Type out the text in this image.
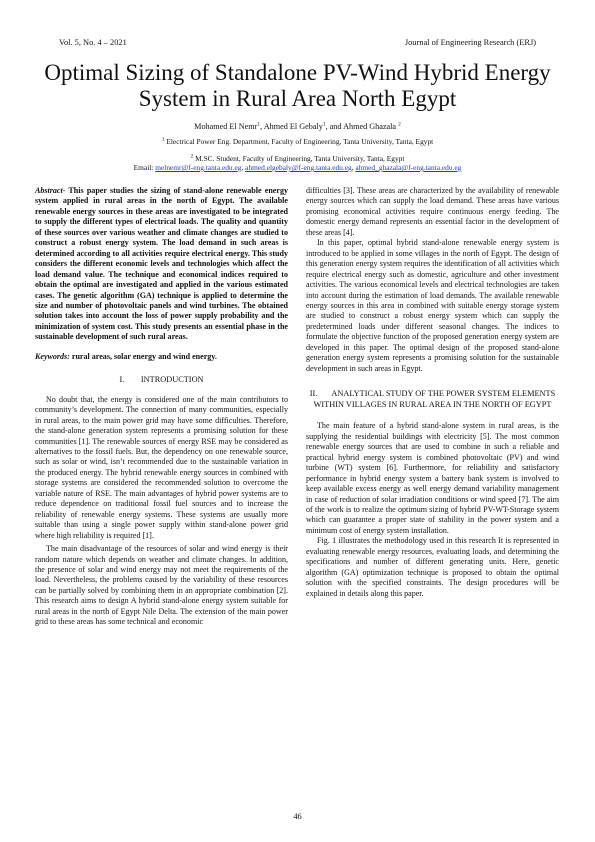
Vol. 5, No. 4 – 2021	Journal of Engineering Research (ERJ)
Optimal Sizing of Standalone PV-Wind Hybrid Energy System in Rural Area North Egypt
Mohamed El Nemr$^1$, Ahmed El Gebaly$^1$, and Ahmed Ghazala $^2$
$^1$ Electrical Power Eng. Department, Faculty of Engineering, Tanta University, Tanta, Egypt
$^2$ M.SC. Student, Faculty of Engineering, Tanta University, Tanta, Egypt
Email: melnemr@f-eng.tanta.edu.eg, ahmed.elgebaly@f-eng.tanta.edu.eg, ahmed_ghazala@f-eng.tanta.edu.eg

Abstract- This paper studies the sizing of stand-alone renewable energy system applied in rural areas in the north of Egypt. The available renewable energy sources in these areas are investigated to be integrated to supply the different types of electrical loads. The quality and quantity of these sources over various weather and climate changes are studied to construct a robust energy system. The load demand in such areas is determined according to all activities require electrical energy. This study considers the different economic levels and technologies which affect the load demand value. The technique and economical indices required to obtain the optimal are investigated and applied in the various estimated cases. The genetic algorithm (GA) technique is applied to determine the size and number of photovoltaic panels and wind turbines. The obtained solution takes into account the loss of power supply probability and the minimization of system cost. This study presents an essential phase in the sustainable development of such rural areas.

Keywords: rural areas, solar energy and wind energy.

I.        INTRODUCTION

No doubt that, the energy is considered one of the main contributors to community’s development. The connection of many communities, especially in rural areas, to the main power grid may have some difficulties. Therefore, the stand-alone generation system represents a promising solution for these communities [1]. The renewable sources of energy RSE may be considered as alternatives to the fossil fuels. But, the dependency on one renewable source, such as solar or wind, isn’t recommended due to the sustainable variation in the produced energy. The hybrid renewable energy sources in combined with storage systems are considered the recommended solution to overcome the variable nature of RSE. The main advantages of hybrid power systems are to reduce dependence on traditional fossil fuel sources and to increase the reliability of renewable energy systems. These systems are usually more suitable than using a single power supply within stand-alone power grid where high reliability is required [1].

The main disadvantage of the resources of solar and wind energy is their random nature which depends on weather and climate changes. In addition, the presence of solar and wind energy may not meet the requirements of the load. Nevertheless, the problems caused by the variability of these resources can be partially solved by combining them in an appropriate combination [2]. This research aims to design A hybrid stand-alone energy system suitable for rural areas in the north of Egypt Nile Delta. The extension of the main power grid to these areas has some technical and economic

difficulties [3]. These areas are characterized by the availability of renewable energy sources which can supply the load demand. These areas have various promising economical activities require continuous energy feeding. The domestic energy demand represents an essential factor in the development of these areas [4].

In this paper, optimal hybrid stand-alone renewable energy system is introduced to be applied in some villages in the north of Egypt. The design of this generation energy system requires the identification of all activities which require electrical energy such as domestic, agriculture and other investment activities. The various economical levels and electrical technologies are taken into account during the estimation of load demands. The available renewable energy sources in this area in combined with suitable energy storage system are studied to construct a robust energy system which can supply the predetermined loads under different seasonal changes. The indices to formulate the objective function of the proposed generation energy system are developed in this paper. The optimal design of the proposed stand-alone generation energy system represents a promising solution for the sustainable development in such areas in Egypt.

II.       ANALYTICAL STUDY OF THE POWER SYSTEM ELEMENTS WITHIN VILLAGES IN RURAL AREA IN THE NORTH OF EGYPT

The main feature of a hybrid stand-alone system in rural areas, is the supplying the residential buildings with electricity [5]. The most common renewable energy sources that are used to combine in such a reliable and practical hybrid energy system is combined photovoltaic (PV) and wind turbine (WT) system [6]. Furthermore, for reliability and satisfactory performance in hybrid energy system a battery bank system is involved to keep available excess energy as well energy demand variability management in case of reduction of solar irradiation conditions or wind speed [7]. The aim of the work is to realize the optimum sizing of hybrid PV-WT-Storage system which can guarantee a proper state of stability in the power system and a minimum cost of energy system installation.

Fig. 1 illustrates the methodology used in this research It is represented in evaluating renewable energy resources, evaluating loads, and determining the specifications and number of different generating units. Here, genetic algorithm (GA) optimization technique is proposed to obtain the optimal solution with the specified constraints. The design procedures will be explained in details along this paper.

46
